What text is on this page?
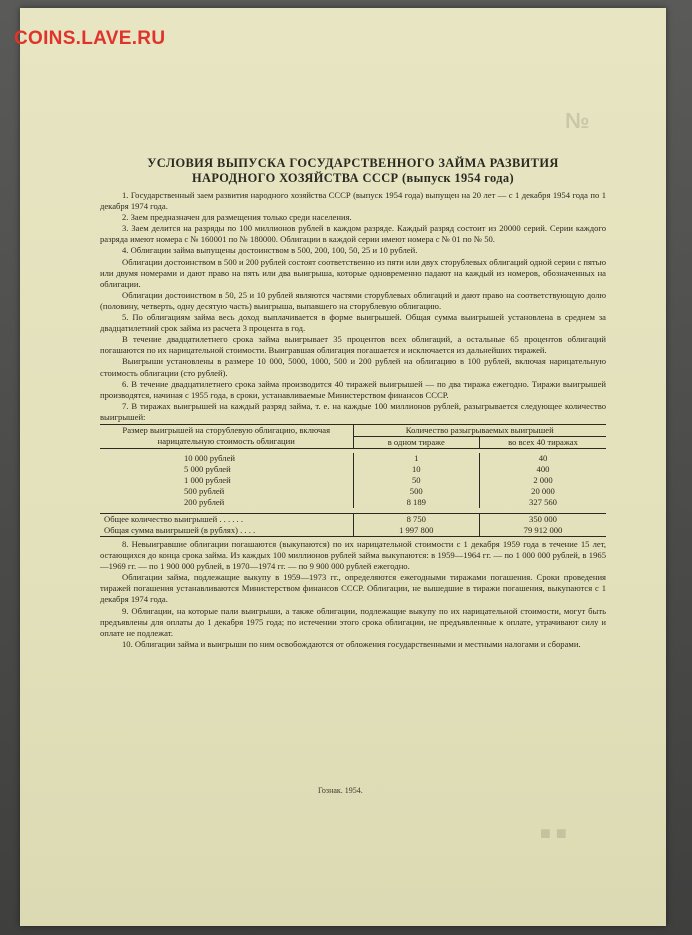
COINS.LAVE.RU
№
■ ■
УСЛОВИЯ ВЫПУСКА ГОСУДАРСТВЕННОГО ЗАЙМА РАЗВИТИЯ
НАРОДНОГО ХОЗЯЙСТВА СССР (выпуск 1954 года)

1. Государственный заем развития народного хозяйства СССР (выпуск 1954 года) выпущен на 20 лет — с 1 декабря 1954 года по 1 декабря 1974 года.

2. Заем предназначен для размещения только среди населения.

3. Заем делится на разряды по 100 миллионов рублей в каждом разряде. Каждый разряд состоит из 20000 серий. Серии каждого разряда имеют номера с № 160001 по № 180000. Облигации в каждой серии имеют номера с № 01 по № 50.

4. Облигации займа выпущены достоинством в 500, 200, 100, 50, 25 и 10 рублей.

Облигации достоинством в 500 и 200 рублей состоят соответственно из пяти или двух сторублевых облигаций одной серии с пятью или двумя номерами и дают право на пять или два выигрыша, которые одновременно падают на каждый из номеров, обозначенных на облигации.

Облигации достоинством в 50, 25 и 10 рублей являются частями сторублевых облигаций и дают право на соответствующую долю (половину, четверть, одну десятую часть) выигрыша, выпавшего на сторублевую облигацию.

5. По облигациям займа весь доход выплачивается в форме выигрышей. Общая сумма выигрышей установлена в среднем за двадцатилетний срок займа из расчета 3 процента в год.

В течение двадцатилетнего срока займа выигрывает 35 процентов всех облигаций, а остальные 65 процентов облигаций погашаются по их нарицательной стоимости. Выигравшая облигация погашается и исключается из дальнейших тиражей.

Выигрыши установлены в размере 10 000, 5000, 1000, 500 и 200 рублей на облигацию в 100 рублей, включая нарицательную стоимость облигации (сто рублей).

6. В течение двадцатилетнего срока займа производится 40 тиражей выигрышей — по два тиража ежегодно. Тиражи выигрышей производятся, начиная с 1955 года, в сроки, устанавливаемые Министерством финансов СССР.

7. В тиражах выигрышей на каждый разряд займа, т. е. на каждые 100 миллионов рублей, разыгрывается следующее количество выигрышей:

Размер выигрышей на сторублевую облигацию, включая нарицательную стоимость облигации	Количество разыгрываемых выигрышей	
	в одном тираже	во всех 40 тиражах

10 000 рублей	1	40
5 000 рублей	10	400
1 000 рублей	50	2 000
500 рублей	500	20 000
200 рублей	8 189	327 560

Общее количество выигрышей . . . . . .	8 750	350 000
Общая сумма выигрышей (в рублях) . . . .	1 997 800	79 912 000

8. Невыигравшие облигации погашаются (выкупаются) по их нарицательной стоимости с 1 декабря 1959 года в течение 15 лет, остающихся до конца срока займа. Из каждых 100 миллионов рублей займа выкупаются: в 1959—1964 гг. — по 1 000 000 рублей, в 1965—1969 гг. — по 1 900 000 рублей, в 1970—1974 гг. — по 9 900 000 рублей ежегодно.

Облигации займа, подлежащие выкупу в 1959—1973 гг., определяются ежегодными тиражами погашения. Сроки проведения тиражей погашения устанавливаются Министерством финансов СССР. Облигации, не вышедшие в тиражи погашения, выкупаются с 1 декабря 1974 года.

9. Облигации, на которые пали выигрыши, а также облигации, подлежащие выкупу по их нарицательной стоимости, могут быть предъявлены для оплаты до 1 декабря 1975 года; по истечении этого срока облигации, не предъявленные к оплате, утрачивают силу и оплате не подлежат.

10. Облигации займа и выигрыши по ним освобождаются от обложения государственными и местными налогами и сборами.

Гознак. 1954.
